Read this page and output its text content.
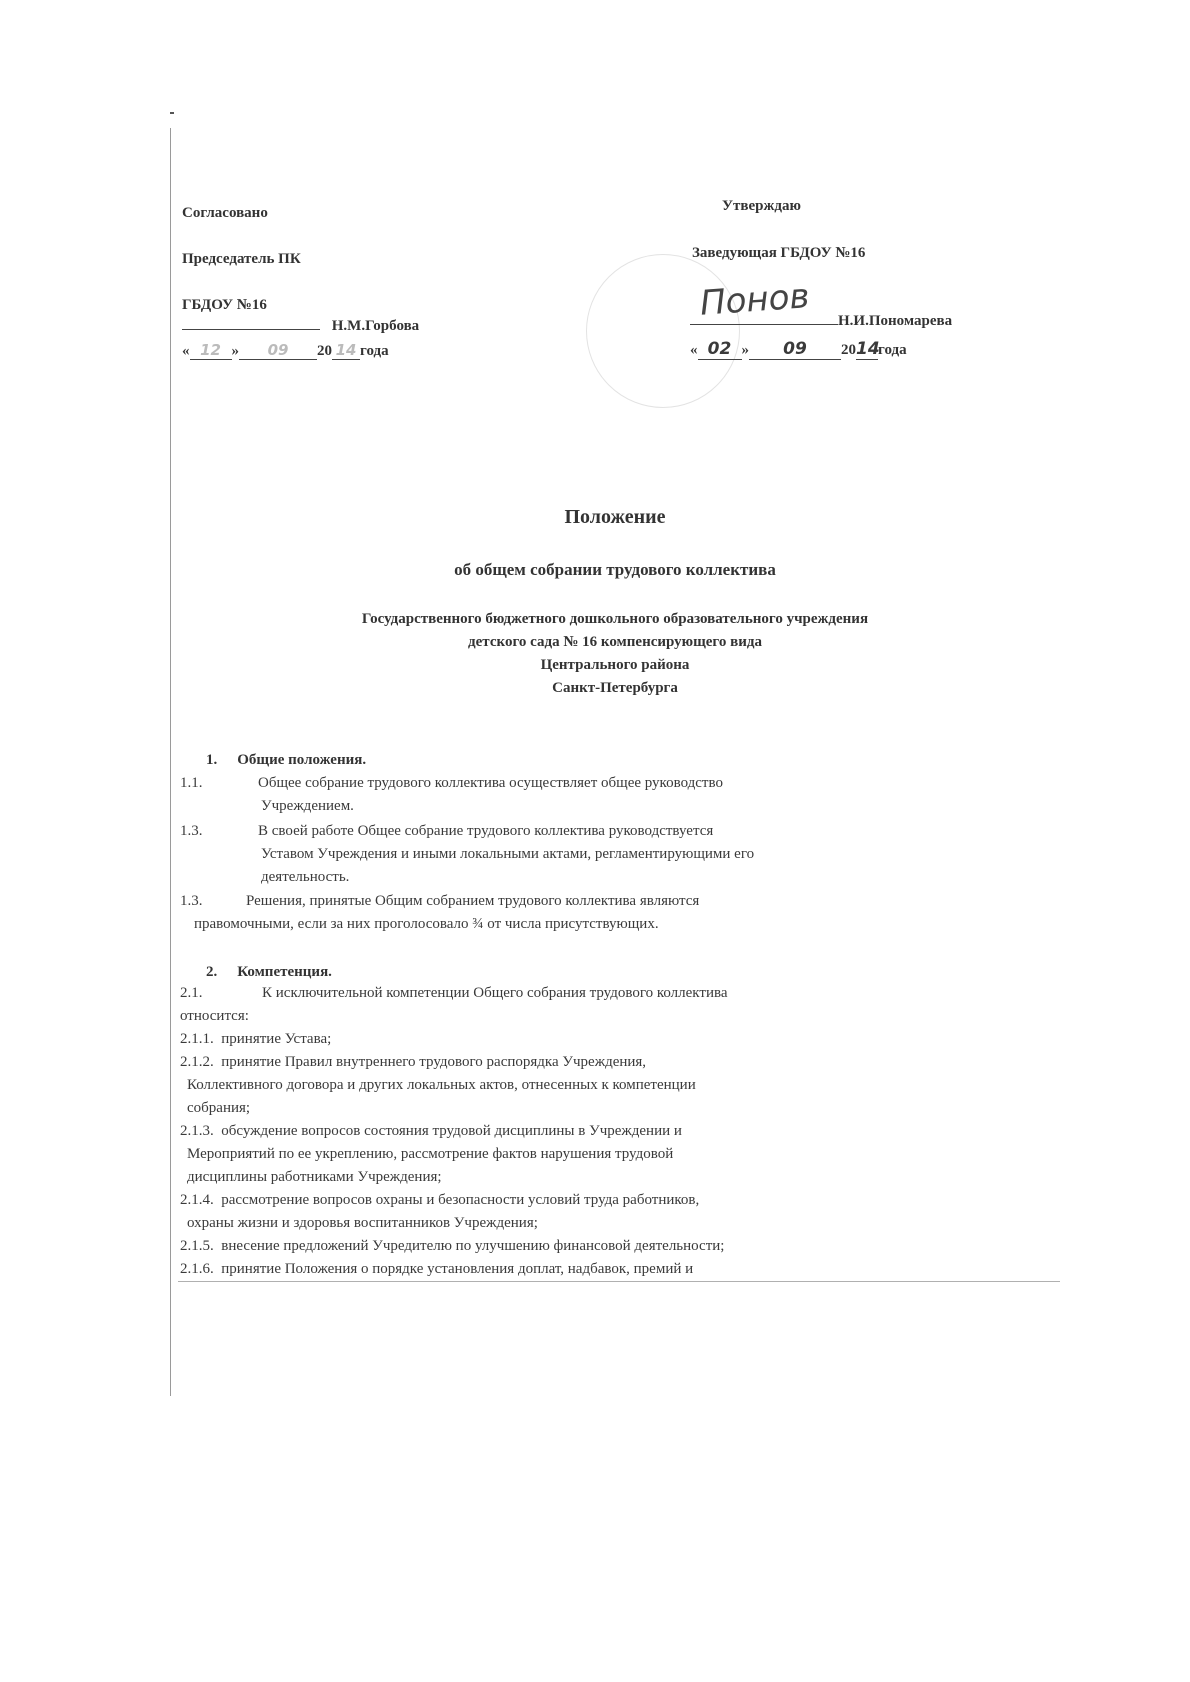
Согласовано
Председатель ПК
ГБДОУ №16
Н.М.Горбова
« 12 » 09 20 14 года
Утверждаю
Заведующая ГБДОУ №16
Понов	Н.И.Пономарева
« 02 » 09 2014года
Положение
об общем собрании трудового коллектива
Государственного бюджетного дошкольного образовательного учреждения
детского сада № 16 компенсирующего вида
Центрального района
Санкт-Петербурга
1. Общие положения.
1.1.	Общее собрание трудового коллектива осуществляет общее руководство
Учреждением.
1.3.	В своей работе Общее собрание трудового коллектива руководствуется
Уставом Учреждения и иными локальными актами, регламентирующими его
деятельность.
1.3.	Решения, принятые Общим собранием трудового коллектива являются
правомочными, если за них проголосовало ¾ от числа присутствующих.
2. Компетенция.
2.1.	К исключительной компетенции Общего собрания трудового коллектива
относится:
2.1.1. принятие Устава;
2.1.2. принятие Правил внутреннего трудового распорядка Учреждения,
Коллективного договора и других локальных актов, отнесенных к компетенции
собрания;
2.1.3. обсуждение вопросов состояния трудовой дисциплины в Учреждении и
Мероприятий по ее укреплению, рассмотрение фактов нарушения трудовой
дисциплины работниками Учреждения;
2.1.4. рассмотрение вопросов охраны и безопасности условий труда работников,
охраны жизни и здоровья воспитанников Учреждения;
2.1.5. внесение предложений Учредителю по улучшению финансовой деятельности;
2.1.6. принятие Положения о порядке установления доплат, надбавок, премий и
